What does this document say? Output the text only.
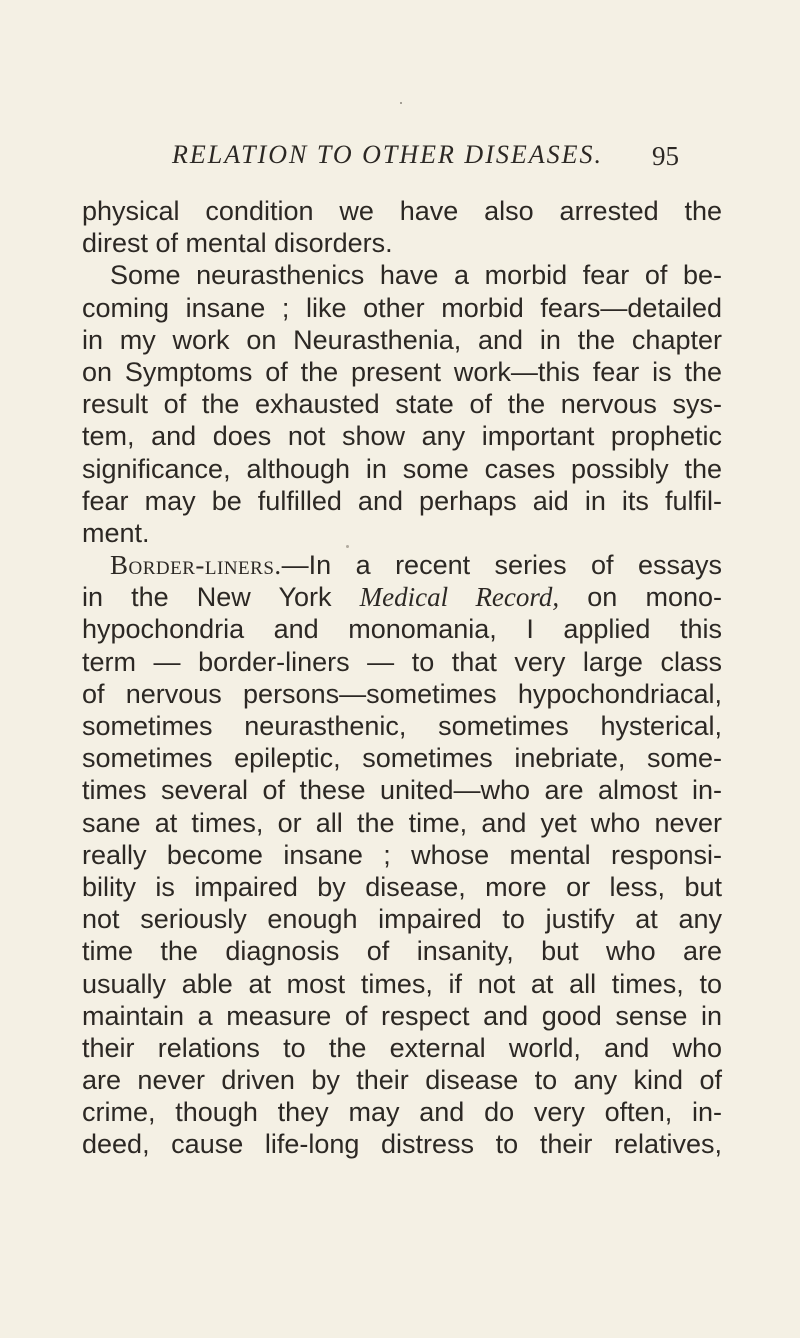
RELATION TO OTHER DISEASES. 95
physical condition we have also arrested the
direst of mental disorders.
Some neurasthenics have a morbid fear of be-
coming insane ; like other morbid fears—detailed
in my work on Neurasthenia, and in the chapter
on Symptoms of the present work—this fear is the
result of the exhausted state of the nervous sys-
tem, and does not show any important prophetic
significance, although in some cases possibly the
fear may be fulfilled and perhaps aid in its fulfil-
ment.
Border-liners.—In a recent series of essays
in the New York Medical Record, on mono-
hypochondria and monomania, I applied this
term — border-liners — to that very large class
of nervous persons—sometimes hypochondriacal,
sometimes neurasthenic, sometimes hysterical,
sometimes epileptic, sometimes inebriate, some-
times several of these united—who are almost in-
sane at times, or all the time, and yet who never
really become insane ; whose mental responsi-
bility is impaired by disease, more or less, but
not seriously enough impaired to justify at any
time the diagnosis of insanity, but who are
usually able at most times, if not at all times, to
maintain a measure of respect and good sense in
their relations to the external world, and who
are never driven by their disease to any kind of
crime, though they may and do very often, in-
deed, cause life-long distress to their relatives,
